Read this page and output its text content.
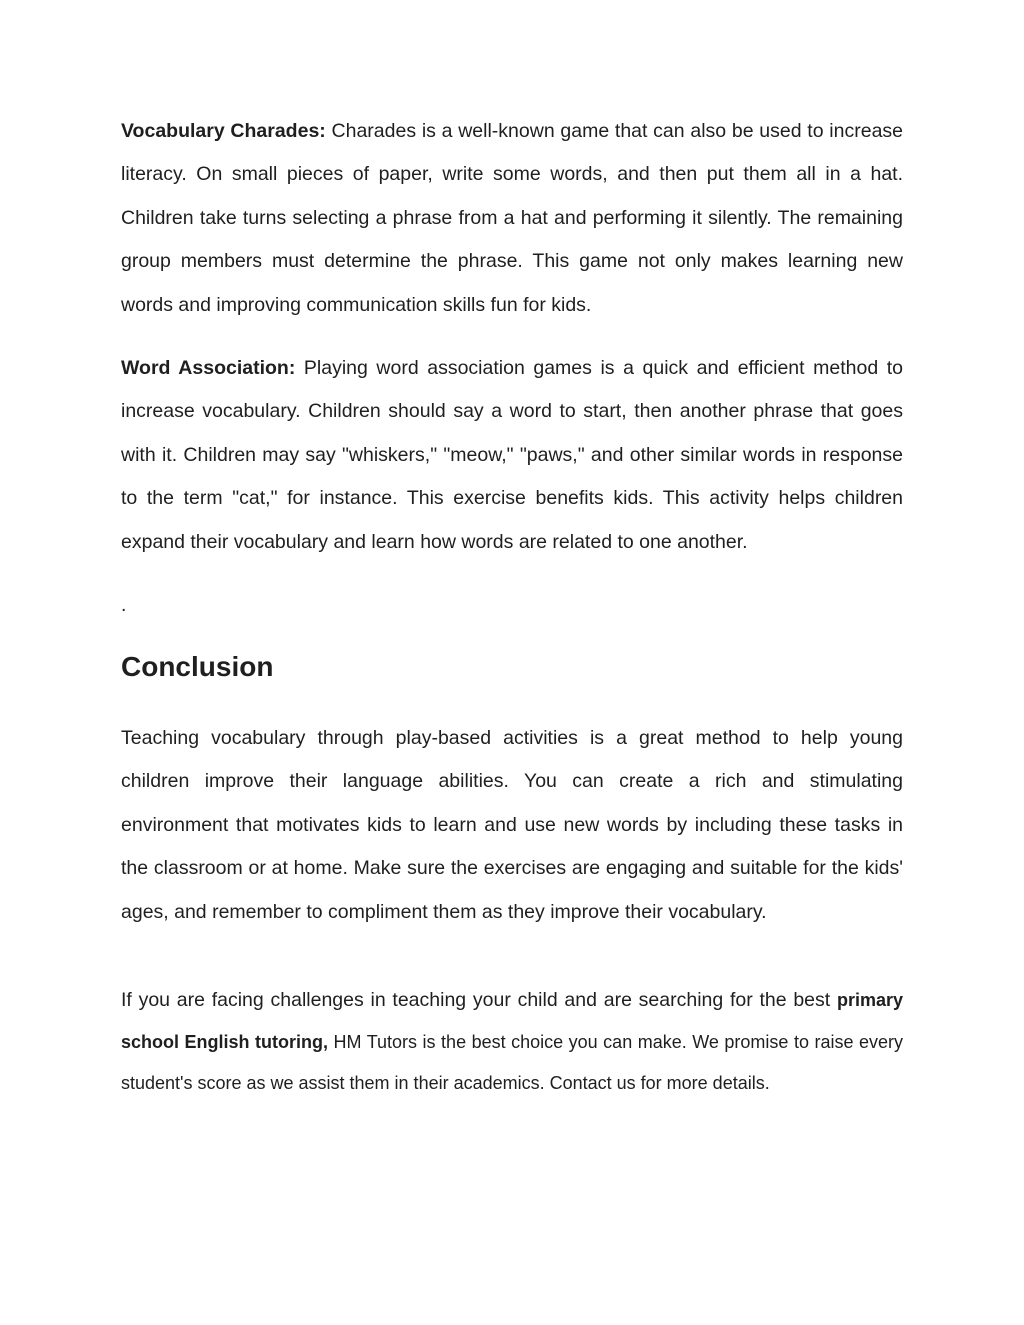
Vocabulary Charades: Charades is a well-known game that can also be used to increase literacy. On small pieces of paper, write some words, and then put them all in a hat. Children take turns selecting a phrase from a hat and performing it silently. The remaining group members must determine the phrase. This game not only makes learning new words and improving communication skills fun for kids.

Word Association: Playing word association games is a quick and efficient method to increase vocabulary. Children should say a word to start, then another phrase that goes with it. Children may say "whiskers," "meow," "paws," and other similar words in response to the term "cat," for instance. This exercise benefits kids. This activity helps children expand their vocabulary and learn how words are related to one another.

.

Conclusion

Teaching vocabulary through play-based activities is a great method to help young children improve their language abilities. You can create a rich and stimulating environment that motivates kids to learn and use new words by including these tasks in the classroom or at home. Make sure the exercises are engaging and suitable for the kids' ages, and remember to compliment them as they improve their vocabulary.

If you are facing challenges in teaching your child and are searching for the best primary school English tutoring, HM Tutors is the best choice you can make. We promise to raise every student's score as we assist them in their academics. Contact us for more details.
